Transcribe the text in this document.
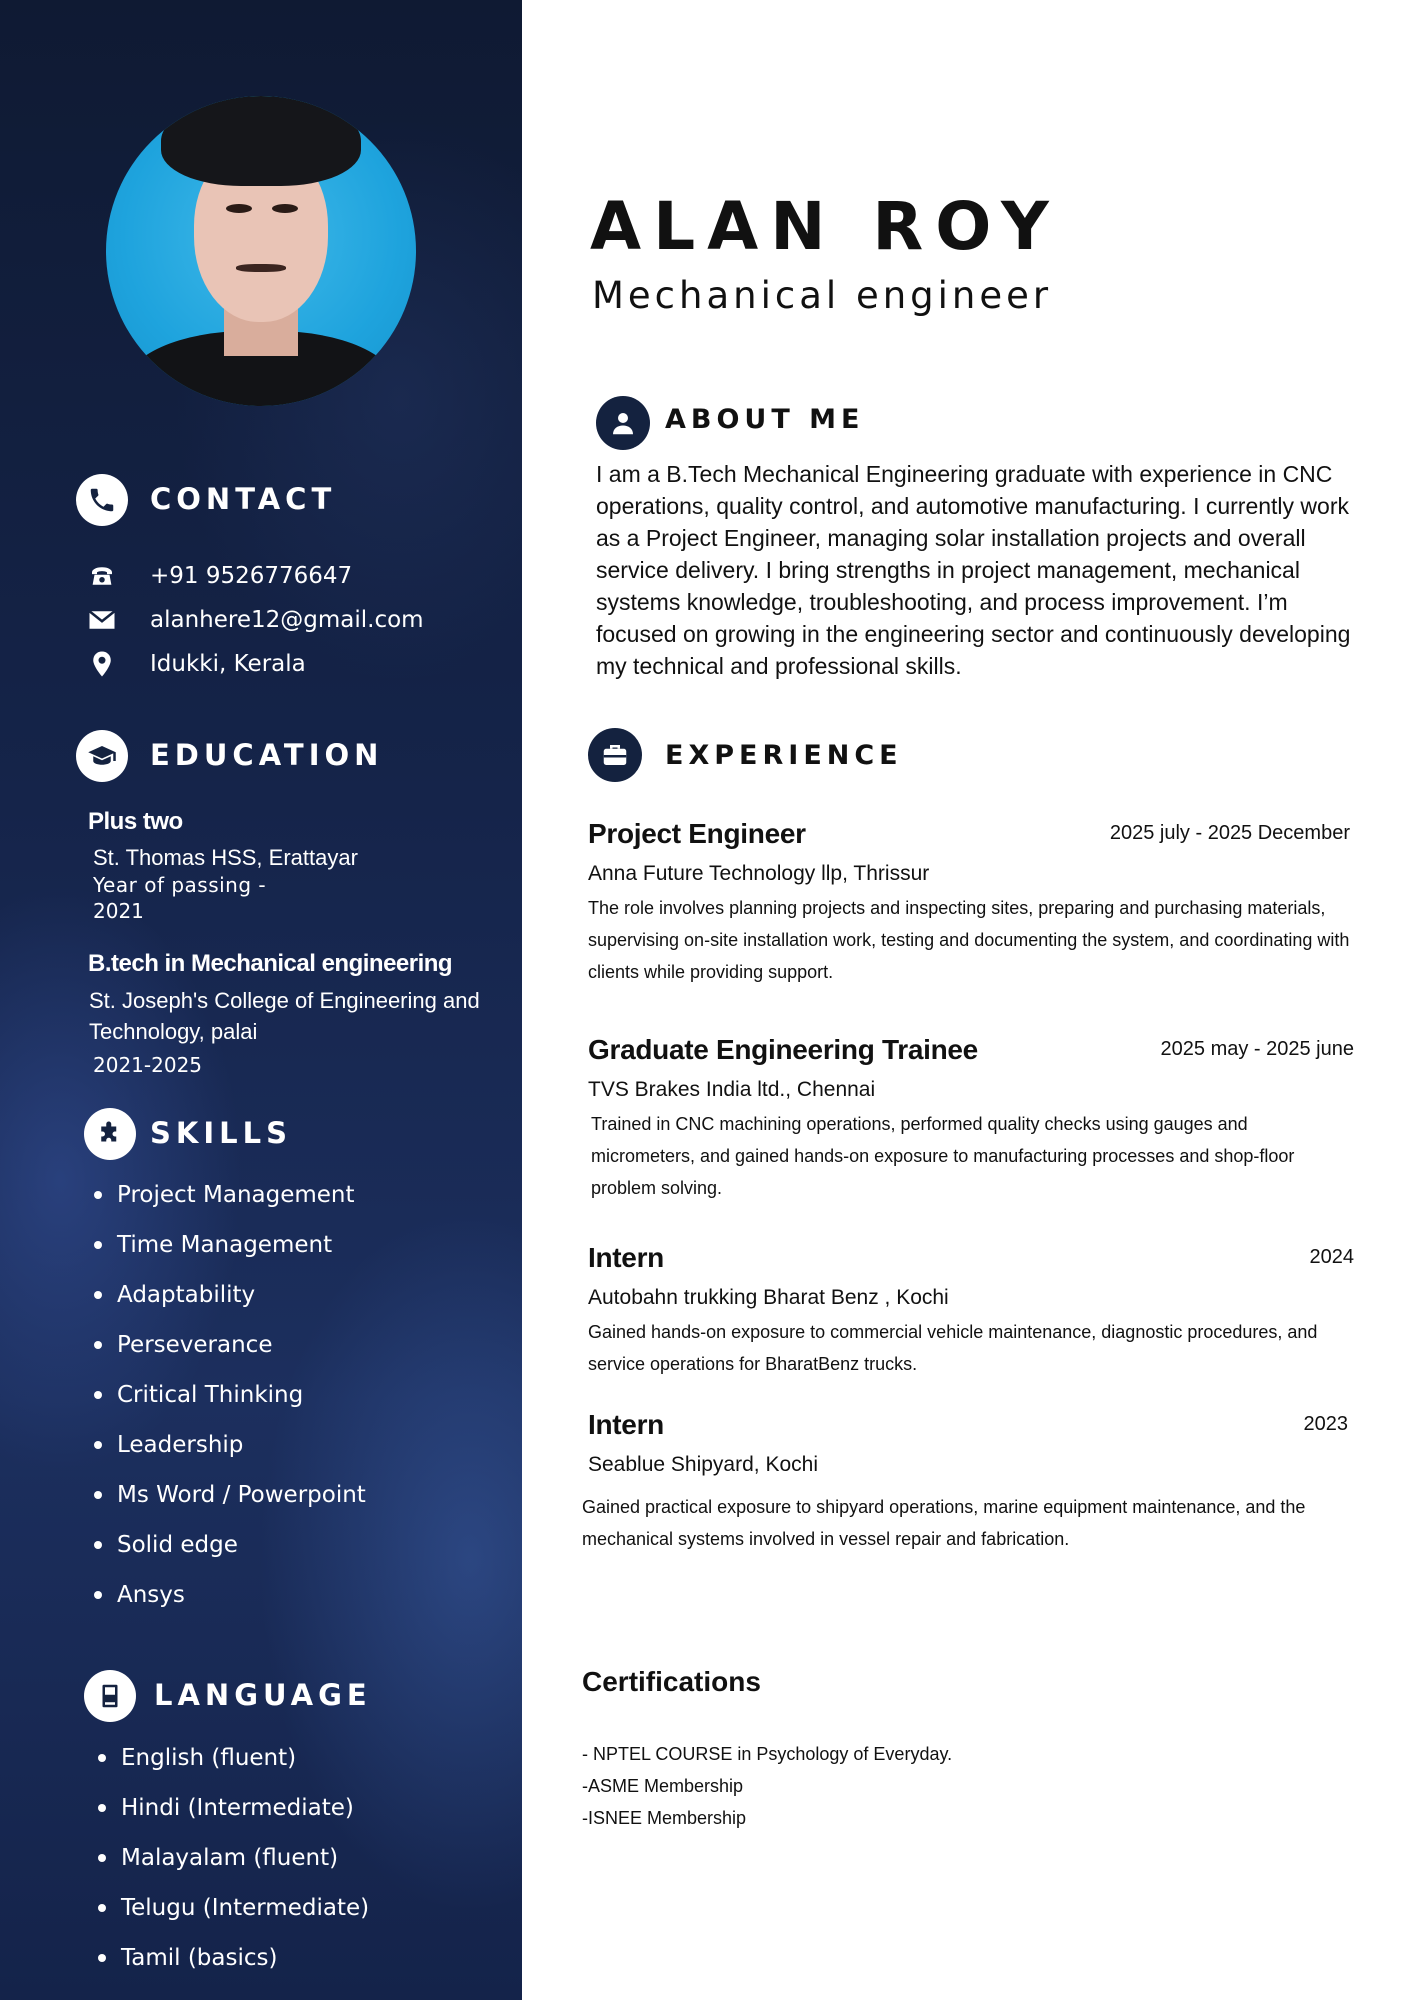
CONTACT
+91 9526776647
alanhere12@gmail.com
Idukki, Kerala
EDUCATION
Plus two
St. Thomas HSS, Erattayar
Year of passing -
2021
B.tech in Mechanical engineering
St. Joseph's College of Engineering and
Technology, palai
2021-2025
SKILLS
Project Management
Time Management
Adaptability
Perseverance
Critical Thinking
Leadership
Ms Word / Powerpoint
Solid edge
Ansys
LANGUAGE
English (fluent)
Hindi (Intermediate)
Malayalam (fluent)
Telugu (Intermediate)
Tamil (basics)
ALAN ROY
Mechanical engineer
ABOUT ME
I am a B.Tech Mechanical Engineering graduate with experience in CNC operations, quality control, and automotive manufacturing. I currently work as a Project Engineer, managing solar installation projects and overall service delivery. I bring strengths in project management, mechanical systems knowledge, troubleshooting, and process improvement. I’m focused on growing in the engineering sector and continuously developing my technical and professional skills.
EXPERIENCE
Project Engineer	2025 july - 2025 December
Anna Future Technology llp, Thrissur
The role involves planning projects and inspecting sites, preparing and purchasing materials, supervising on-site installation work, testing and documenting the system, and coordinating with clients while providing support.
Graduate Engineering Trainee	2025 may - 2025 june
TVS Brakes India ltd., Chennai
Trained in CNC machining operations, performed quality checks using gauges and micrometers, and gained hands-on exposure to manufacturing processes and shop-floor problem solving.
Intern	2024
Autobahn trukking Bharat Benz , Kochi
Gained hands-on exposure to commercial vehicle maintenance, diagnostic procedures, and service operations for BharatBenz trucks.
Intern	2023
Seablue Shipyard, Kochi
Gained practical exposure to shipyard operations, marine equipment maintenance, and the mechanical systems involved in vessel repair and fabrication.
Certifications
- NPTEL COURSE in Psychology of Everyday.
-ASME Membership
-ISNEE Membership
